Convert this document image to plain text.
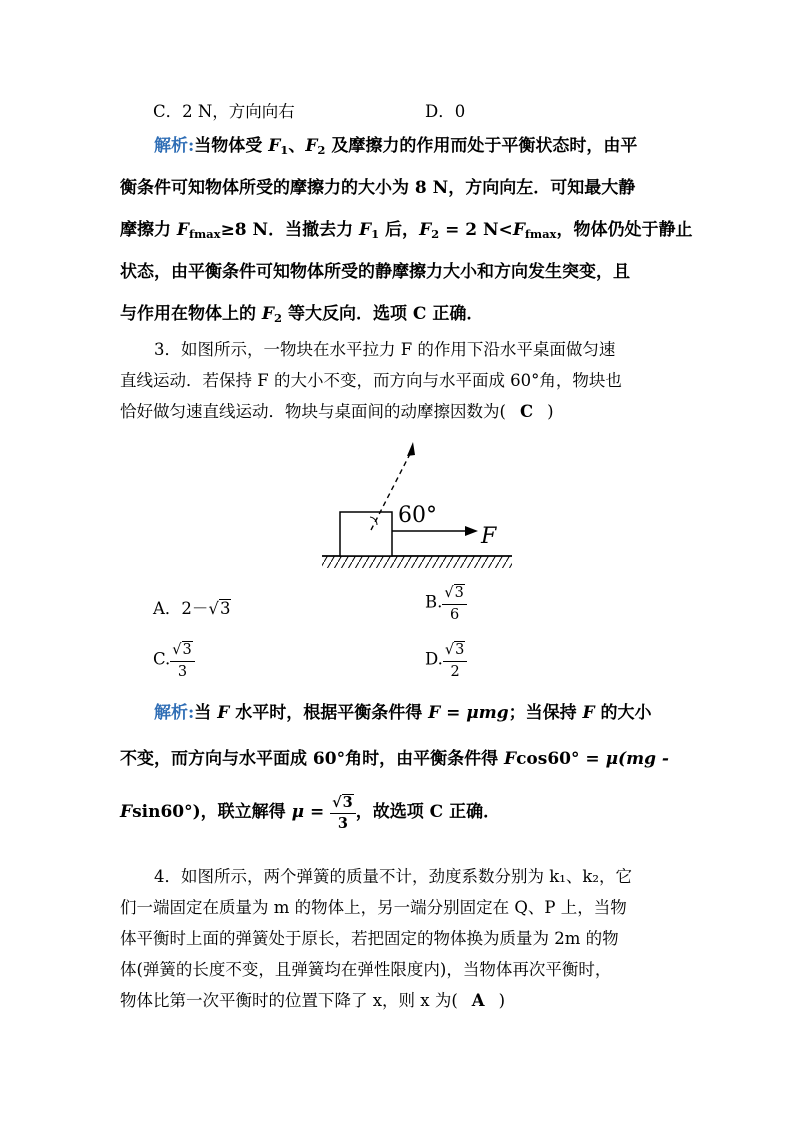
C．2 N，方向向右	D．0
解析:当物体受 $F_1$、$F_2$ 及摩擦力的作用而处于平衡状态时，由平
衡条件可知物体所受的摩擦力的大小为 8 N，方向向左．可知最大静
摩擦力 $F_{fmax}\ge 8$ N．当撤去力 $F_1$ 后，$F_2 = 2$ $N<F_{fmax}$，物体仍处于静止
状态，由平衡条件可知物体所受的静摩擦力大小和方向发生突变，且
与作用在物体上的 $F_2$ 等大反向．选项 C 正确．
3．如图所示，一物块在水平拉力 F 的作用下沿水平桌面做匀速
直线运动．若保持 F 的大小不变，而方向与水平面成 60°角，物块也
恰好做匀速直线运动．物块与桌面间的动摩擦因数为( C )
60°
F
A．2－√3	B. $\frac{√3}{6}$
C. $\frac{√3}{3}$	D. $\frac{√3}{2}$
解析:当 F 水平时，根据平衡条件得 F = μmg；当保持 F 的大小
不变，而方向与水平面成 60°角时，由平衡条件得 Fcos60° = μ(mg -
Fsin60°)，联立解得 $\mu = \frac{√3}{3}$ ，故选项 C 正确．
4．如图所示，两个弹簧的质量不计，劲度系数分别为 k₁、k₂，它
们一端固定在质量为 m 的物体上，另一端分别固定在 Q、P 上，当物
体平衡时上面的弹簧处于原长，若把固定的物体换为质量为 2m 的物
体(弹簧的长度不变，且弹簧均在弹性限度内)，当物体再次平衡时，
物体比第一次平衡时的位置下降了 x，则 x 为( A )
